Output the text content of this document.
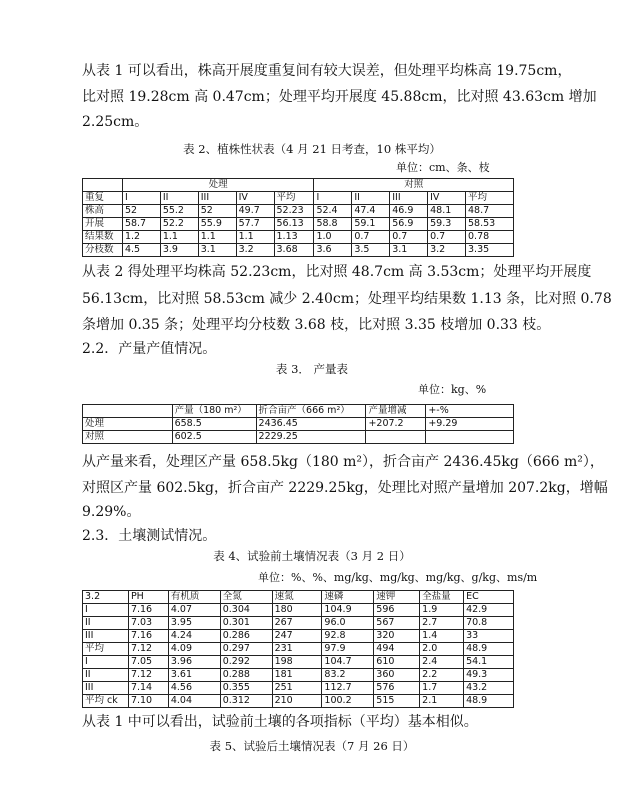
从表 1 可以看出，株高开展度重复间有较大误差，但处理平均株高 19.75cm，
比对照 19.28cm 高 0.47cm；处理平均开展度 45.88cm，比对照 43.63cm 增加
2.25cm。
表 2、植株性状表（4 月 21 日考查，10 株平均）
单位：cm、条、枝
	处理					对照				
重复	I	II	III	IV	平均	I	II	III	IV	平均
株高	52	55.2	52	49.7	52.23	52.4	47.4	46.9	48.1	48.7
开展	58.7	52.2	55.9	57.7	56.13	58.8	59.1	56.9	59.3	58.53
结果数	1.2	1.1	1.1	1.1	1.13	1.0	0.7	0.7	0.7	0.78
分枝数	4.5	3.9	3.1	3.2	3.68	3.6	3.5	3.1	3.2	3.35
从表 2 得处理平均株高 52.23cm，比对照 48.7cm 高 3.53cm；处理平均开展度
56.13cm，比对照 58.53cm 减少 2.40cm；处理平均结果数 1.13 条，比对照 0.78
条增加 0.35 条；处理平均分枝数 3.68 枝，比对照 3.35 枝增加 0.33 枝。
2.2．产量产值情况。
表 3． 产量表
单位：kg、%
	产量（180 m²）	折合亩产（666 m²）	产量增减	+-%
处理	658.5	2436.45	+207.2	+9.29
对照	602.5	2229.25		
从产量来看，处理区产量 658.5kg（180 m²），折合亩产 2436.45kg（666 m²），
对照区产量 602.5kg，折合亩产 2229.25kg，处理比对照产量增加 207.2kg，增幅
9.29%。
2.3．土壤测试情况。
表 4、试验前土壤情况表（3 月 2 日）
单位：%、%、mg/kg、mg/kg、mg/kg、g/kg、ms/m
3.2	PH	有机质	全氮	速氮	速磷	速钾	全盐量	EC
I	7.16	4.07	0.304	180	104.9	596	1.9	42.9
II	7.03	3.95	0.301	267	96.0	567	2.7	70.8
III	7.16	4.24	0.286	247	92.8	320	1.4	33
平均	7.12	4.09	0.297	231	97.9	494	2.0	48.9
I	7.05	3.96	0.292	198	104.7	610	2.4	54.1
II	7.12	3.61	0.288	181	83.2	360	2.2	49.3
III	7.14	4.56	0.355	251	112.7	576	1.7	43.2
平均 ck	7.10	4.04	0.312	210	100.2	515	2.1	48.9
从表 1 中可以看出，试验前土壤的各项指标（平均）基本相似。
表 5、试验后土壤情况表（7 月 26 日）
